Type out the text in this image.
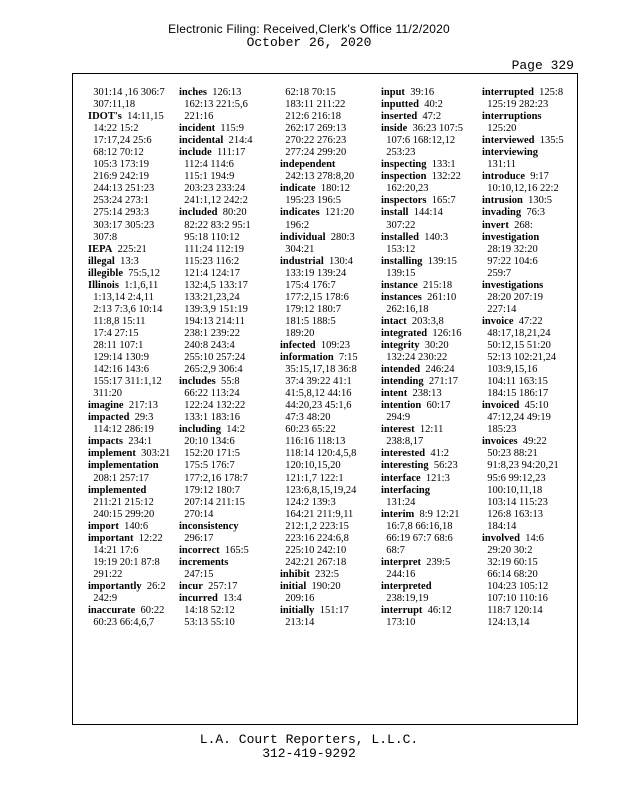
Electronic Filing: Received,Clerk's Office 11/2/2020
October 26, 2020
Page 329
301:14 ,16 306:7
307:11,18
IDOT's  14:11,15
14:22 15:2
17:17,24 25:6
68:12 70:12
105:3 173:19
216:9 242:19
244:13 251:23
253:24 273:1
275:14 293:3
303:17 305:23
307:8
IEPA  225:21
illegal  13:3
illegible  75:5,12
Illinois  1:1,6,11
1:13,14 2:4,11
2:13 7:3,6 10:14
11:8,8 15:11
17:4 27:15
28:11 107:1
129:14 130:9
142:16 143:6
155:17 311:1,12
311:20
imagine  217:13
impacted  29:3
114:12 286:19
impacts  234:1
implement  303:21
implementation
208:1 257:17
implemented
211:21 215:12
240:15 299:20
import  140:6
important  12:22
14:21 17:6
19:19 20:1 87:8
291:22
importantly  26:2
242:9
inaccurate  60:22
60:23 66:4,6,7
inches  126:13
162:13 221:5,6
221:16
incident  115:9
incidental  214:4
include  111:17
112:4 114:6
115:1 194:9
203:23 233:24
241:1,12 242:2
included  80:20
82:22 83:2 95:1
95:18 110:12
111:24 112:19
115:23 116:2
121:4 124:17
132:4,5 133:17
133:21,23,24
139:3,9 151:19
194:13 214:11
238:1 239:22
240:8 243:4
255:10 257:24
265:2,9 306:4
includes  55:8
66:22 113:24
122:24 132:22
133:1 183:16
including  14:2
20:10 134:6
152:20 171:5
175:5 176:7
177:2,16 178:7
179:12 180:7
207:14 211:15
270:14
inconsistency
296:17
incorrect  165:5
increments
247:15
incur  257:17
incurred  13:4
14:18 52:12
53:13 55:10
62:18 70:15
183:11 211:22
212:6 216:18
262:17 269:13
270:22 276:23
277:24 299:20
independent
242:13 278:8,20
indicate  180:12
195:23 196:5
indicates  121:20
196:2
individual  280:3
304:21
industrial  130:4
133:19 139:24
175:4 176:7
177:2,15 178:6
179:12 180:7
181:5 188:5
189:20
infected  109:23
information  7:15
35:15,17,18 36:8
37:4 39:22 41:1
41:5,8,12 44:16
44:20,23 45:1,6
47:3 48:20
60:23 65:22
116:16 118:13
118:14 120:4,5,8
120:10,15,20
121:1,7 122:1
123:6,8,15,19,24
124:2 139:3
164:21 211:9,11
212:1,2 223:15
223:16 224:6,8
225:10 242:10
242:21 267:18
inhibit  232:5
initial  190:20
209:16
initially  151:17
213:14
input  39:16
inputted  40:2
inserted  47:2
inside  36:23 107:5
107:6 168:12,12
253:23
inspecting  133:1
inspection  132:22
162:20,23
inspectors  165:7
install  144:14
307:22
installed  140:3
153:12
installing  139:15
139:15
instance  215:18
instances  261:10
262:16,18
intact  203:3,8
integrated  126:16
integrity  30:20
132:24 230:22
intended  246:24
intending  271:17
intent  238:13
intention  60:17
294:9
interest  12:11
238:8,17
interested  41:2
interesting  56:23
interface  121:3
interfacing
131:24
interim  8:9 12:21
16:7,8 66:16,18
66:19 67:7 68:6
68:7
interpret  239:5
244:16
interpreted
238:19,19
interrupt  46:12
173:10
interrupted  125:8
125:19 282:23
interruptions
125:20
interviewed  135:5
interviewing
131:11
introduce  9:17
10:10,12,16 22:2
intrusion  130:5
invading  76:3
invert  268:
investigation
28:19 32:20
97:22 104:6
259:7
investigations
28:20 207:19
227:14
invoice  47:22
48:17,18,21,24
50:12,15 51:20
52:13 102:21,24
103:9,15,16
104:11 163:15
184:15 186:17
invoiced  45:10
47:12,24 49:19
185:23
invoices  49:22
50:23 88:21
91:8,23 94:20,21
95:6 99:12,23
100:10,11,18
103:14 115:23
126:8 163:13
184:14
involved  14:6
29:20 30:2
32:19 60:15
66:14 68:20
104:23 105:12
107:10 110:16
118:7 120:14
124:13,14
L.A. Court Reporters, L.L.C.
312-419-9292
